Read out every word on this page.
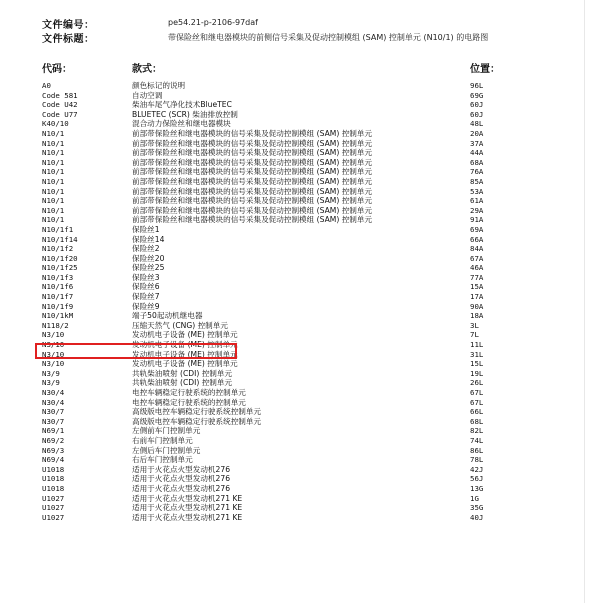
文件编号：	pe54.21-p-2106-97daf
文件标题：	带保险丝和继电器模块的前侧信号采集及促动控制模组 (SAM) 控制单元 (N10/1) 的电路图
代码：	款式：	位置：
A0	颜色标记的说明	96L
Code 581	自动空调	69G
Code U42	柴油车尾气净化技术BlueTEC	60J
Code U77	BLUETEC (SCR) 柴油排放控制	60J
K40/10	混合动力保险丝和继电器模块	48L
N10/1	前部带保险丝和继电器模块的信号采集及促动控制模组 (SAM) 控制单元	20A
N10/1	前部带保险丝和继电器模块的信号采集及促动控制模组 (SAM) 控制单元	37A
N10/1	前部带保险丝和继电器模块的信号采集及促动控制模组 (SAM) 控制单元	44A
N10/1	前部带保险丝和继电器模块的信号采集及促动控制模组 (SAM) 控制单元	68A
N10/1	前部带保险丝和继电器模块的信号采集及促动控制模组 (SAM) 控制单元	76A
N10/1	前部带保险丝和继电器模块的信号采集及促动控制模组 (SAM) 控制单元	85A
N10/1	前部带保险丝和继电器模块的信号采集及促动控制模组 (SAM) 控制单元	53A
N10/1	前部带保险丝和继电器模块的信号采集及促动控制模组 (SAM) 控制单元	61A
N10/1	前部带保险丝和继电器模块的信号采集及促动控制模组 (SAM) 控制单元	29A
N10/1	前部带保险丝和继电器模块的信号采集及促动控制模组 (SAM) 控制单元	91A
N10/1f1	保险丝1	69A
N10/1f14	保险丝14	66A
N10/1f2	保险丝2	84A
N10/1f20	保险丝20	67A
N10/1f25	保险丝25	46A
N10/1f3	保险丝3	77A
N10/1f6	保险丝6	15A
N10/1f7	保险丝7	17A
N10/1f9	保险丝9	90A
N10/1kM	端子50起动机继电器	18A
N118/2	压缩天然气 (CNG) 控制单元	3L
N3/10	发动机电子设备 (ME) 控制单元	7L
N3/10	发动机电子设备 (ME) 控制单元	11L
N3/10	发动机电子设备 (ME) 控制单元	31L
N3/10	发动机电子设备 (ME) 控制单元	15L
N3/9	共轨柴油喷射 (CDI) 控制单元	19L
N3/9	共轨柴油喷射 (CDI) 控制单元	26L
N30/4	电控车辆稳定行驶系统的控制单元	67L
N30/4	电控车辆稳定行驶系统的控制单元	67L
N30/7	高级版电控车辆稳定行驶系统控制单元	66L
N30/7	高级版电控车辆稳定行驶系统控制单元	68L
N69/1	左侧前车门控制单元	82L
N69/2	右前车门控制单元	74L
N69/3	左侧后车门控制单元	86L
N69/4	右后车门控制单元	78L
U1018	适用于火花点火型发动机276	42J
U1018	适用于火花点火型发动机276	56J
U1018	适用于火花点火型发动机276	13G
U1027	适用于火花点火型发动机271 KE	1G
U1027	适用于火花点火型发动机271 KE	35G
U1027	适用于火花点火型发动机271 KE	40J
